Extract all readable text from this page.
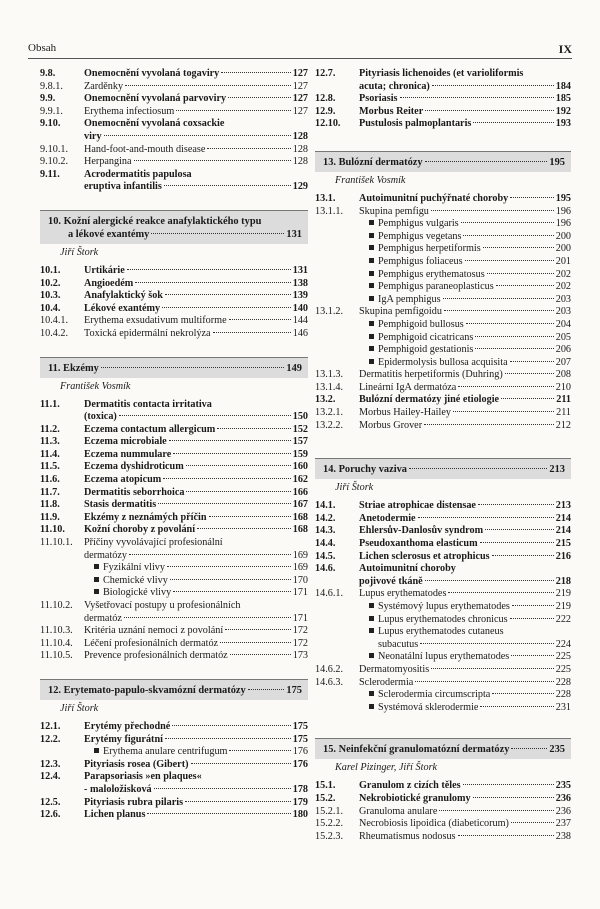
Obsah	IX
9.8.	Onemocnění vyvolaná togaviry	127
9.8.1.	Zarděnky	127
9.9.	Onemocnění vyvolaná parvoviry	127
9.9.1.	Erythema infectiosum	127
9.10.	Onemocnění vyvolaná coxsackie
viry	128
9.10.1.	Hand-foot-and-mouth disease	128
9.10.2.	Herpangina	128
9.11.	Acrodermatitis papulosa
eruptiva infantilis	129
10. Kožní alergické reakce anafylaktického typu
a lékové exantémy	131
Jiří Štork
10.1.	Urtikárie	131
10.2.	Angioedém	138
10.3.	Anafylaktický šok	139
10.4.	Lékové exantémy	140
10.4.1.	Erythema exsudativum multiforme	144
10.4.2.	Toxická epidermální nekrolýza	146
11. Ekzémy	149
František Vosmík
11.1.	Dermatitis contacta irritativa
(toxica)	150
11.2.	Eczema contactum allergicum	152
11.3.	Eczema microbiale	157
11.4.	Eczema nummulare	159
11.5.	Eczema dyshidroticum	160
11.6.	Eczema atopicum	162
11.7.	Dermatitis seborrhoica	166
11.8.	Stasis dermatitis	167
11.9.	Ekzémy z neznámých příčin	168
11.10.	Kožní choroby z povolání	168
11.10.1.	Příčiny vyvolávající profesionální
dermatózy	169
Fyzikální vlivy	169
Chemické vlivy	170
Biologické vlivy	171
11.10.2.	Vyšetřovací postupy u profesionálních
dermatóz	171
11.10.3.	Kritéria uznání nemoci z povolání	172
11.10.4.	Léčení profesionálních dermatóz	172
11.10.5.	Prevence profesionálních dermatóz	173
12. Erytemato-papulo-skvamózní dermatózy	175
Jiří Štork
12.1.	Erytémy přechodné	175
12.2.	Erytémy figurátní	175
Erythema anulare centrifugum	176
12.3.	Pityriasis rosea (Gibert)	176
12.4.	Parapsoriasis »en plaques«
- maloložisková	178
12.5.	Pityriasis rubra pilaris	179
12.6.	Lichen planus	180
12.7.	Pityriasis lichenoides (et varioliformis
acuta; chronica)	184
12.8.	Psoriasis	185
12.9.	Morbus Reiter	192
12.10.	Pustulosis palmoplantaris	193
13. Bulózní dermatózy	195
František Vosmík
13.1.	Autoimunitní puchýřnaté choroby	195
13.1.1.	Skupina pemfigu	196
Pemphigus vulgaris	196
Pemphigus vegetans	200
Pemphigus herpetiformis	200
Pemphigus foliaceus	201
Pemphigus erythematosus	202
Pemphigus paraneoplasticus	202
IgA pemphigus	203
13.1.2.	Skupina pemfigoidu	203
Pemphigoid bullosus	204
Pemphigoid cicatricans	205
Pemphigoid gestationis	206
Epidermolysis bullosa acquisita	207
13.1.3.	Dermatitis herpetiformis (Duhring)	208
13.1.4.	Lineární IgA dermatóza	210
13.2.	Bulózní dermatózy jiné etiologie	211
13.2.1.	Morbus Hailey-Hailey	211
13.2.2.	Morbus Grover	212
14. Poruchy vaziva	213
Jiří Štork
14.1.	Striae atrophicae distensae	213
14.2.	Anetodermie	214
14.3.	Ehlersův-Danlosův syndrom	214
14.4.	Pseudoxanthoma elasticum	215
14.5.	Lichen sclerosus et atrophicus	216
14.6.	Autoimunitní choroby
pojivové tkáně	218
14.6.1.	Lupus erythematodes	219
Systémový lupus erythematodes	219
Lupus erythematodes chronicus	222
Lupus erythematodes cutaneus
subacutus	224
Neonatální lupus erythematodes	225
14.6.2.	Dermatomyositis	225
14.6.3.	Sclerodermia	228
Sclerodermia circumscripta	228
Systémová sklerodermie	231
15. Neinfekční granulomatózní dermatózy	235
Karel Pizinger, Jiří Štork
15.1.	Granulom z cizích těles	235
15.2.	Nekrobiotické granulomy	236
15.2.1.	Granuloma anulare	236
15.2.2.	Necrobiosis lipoidica (diabeticorum)	237
15.2.3.	Rheumatismus nodosus	238
